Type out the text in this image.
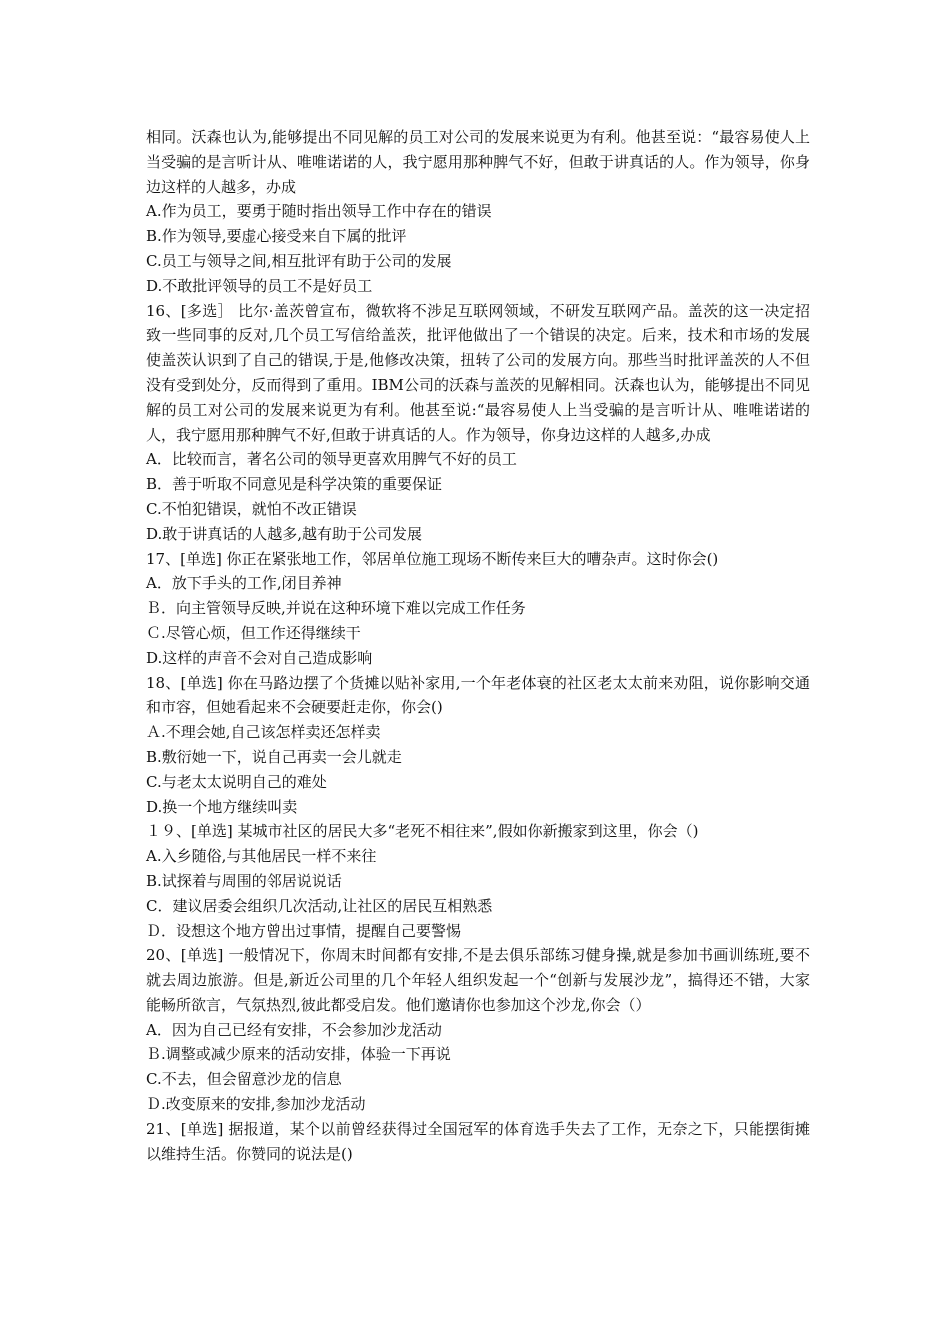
相同。沃森也认为,能够提出不同见解的员工对公司的发展来说更为有利。他甚至说：“最容易使人上当受骗的是言听计从、唯唯诺诺的人，我宁愿用那种脾气不好，但敢于讲真话的人。作为领导，你身边这样的人越多，办成

A.作为员工，要勇于随时指出领导工作中存在的错误

B.作为领导,要虚心接受来自下属的批评

C.员工与领导之间,相互批评有助于公司的发展

D.不敢批评领导的员工不是好员工

16、[多选］ 比尔·盖茨曾宣布，微软将不涉足互联网领域，不研发互联网产品。盖茨的这一决定招致一些同事的反对,几个员工写信给盖茨，批评他做出了一个错误的决定。后来，技术和市场的发展使盖茨认识到了自己的错误,于是,他修改决策，扭转了公司的发展方向。那些当时批评盖茨的人不但没有受到处分，反而得到了重用。IBM公司的沃森与盖茨的见解相同。沃森也认为，能够提出不同见解的员工对公司的发展来说更为有利。他甚至说:“最容易使人上当受骗的是言听计从、唯唯诺诺的人，我宁愿用那种脾气不好,但敢于讲真话的人。作为领导，你身边这样的人越多,办成

A．比较而言，著名公司的领导更喜欢用脾气不好的员工

B．善于听取不同意见是科学决策的重要保证

C.不怕犯错误，就怕不改正错误

D.敢于讲真话的人越多,越有助于公司发展

17、[单选] 你正在紧张地工作，邻居单位施工现场不断传来巨大的嘈杂声。这时你会()

A．放下手头的工作,闭目养神

Ｂ．向主管领导反映,并说在这种环境下难以完成工作任务

Ｃ.尽管心烦，但工作还得继续干

D.这样的声音不会对自己造成影响

18、[单选] 你在马路边摆了个货摊以贴补家用,一个年老体衰的社区老太太前来劝阻，说你影响交通和市容，但她看起来不会硬要赶走你，你会()

Ａ.不理会她,自己该怎样卖还怎样卖

B.敷衍她一下，说自己再卖一会儿就走

C.与老太太说明自己的难处

D.换一个地方继续叫卖

１９、[单选] 某城市社区的居民大多“老死不相往来”,假如你新搬家到这里，你会（)

A.入乡随俗,与其他居民一样不来往

B.试探着与周围的邻居说说话

C．建议居委会组织几次活动,让社区的居民互相熟悉

Ｄ．设想这个地方曾出过事情，提醒自己要警惕

20、[单选] 一般情况下，你周末时间都有安排,不是去俱乐部练习健身操,就是参加书画训练班,要不就去周边旅游。但是,新近公司里的几个年轻人组织发起一个“创新与发展沙龙”，搞得还不错，大家能畅所欲言，气氛热烈,彼此都受启发。他们邀请你也参加这个沙龙,你会（）

A．因为自己已经有安排，不会参加沙龙活动

Ｂ.调整或减少原来的活动安排，体验一下再说

C.不去，但会留意沙龙的信息

Ｄ.改变原来的安排,参加沙龙活动

21、[单选] 据报道，某个以前曾经获得过全国冠军的体育选手失去了工作，无奈之下，只能摆街摊以维持生活。你赞同的说法是()
